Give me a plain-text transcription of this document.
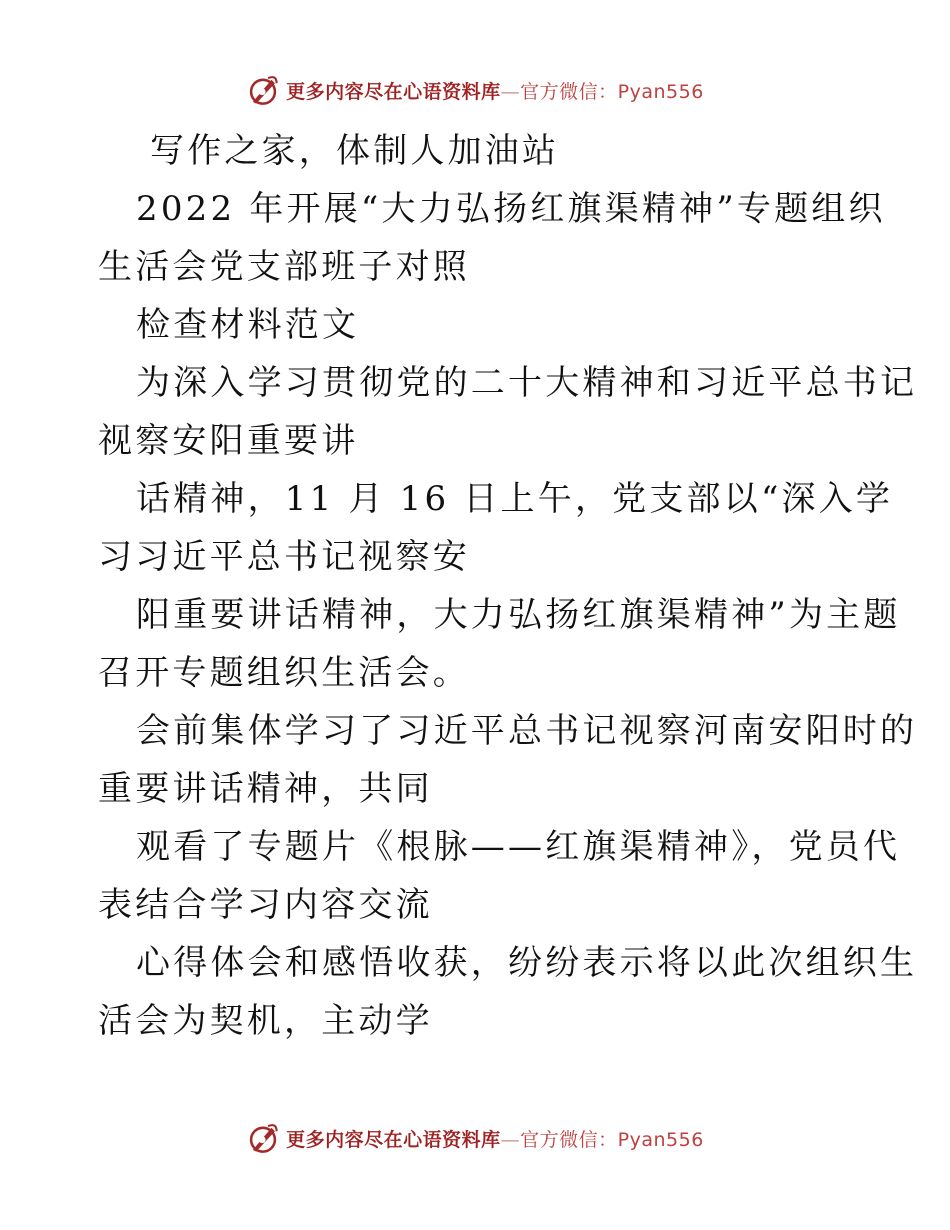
更多内容尽在心语资料库—官方微信：Pyan556
写作之家，体制人加油站
2022 年开展“大力弘扬红旗渠精神”专题组织
生活会党支部班子对照
检查材料范文
为深入学习贯彻党的二十大精神和习近平总书记
视察安阳重要讲
话精神，11 月 16 日上午，党支部以“深入学
习习近平总书记视察安
阳重要讲话精神，大力弘扬红旗渠精神”为主题
召开专题组织生活会。
会前集体学习了习近平总书记视察河南安阳时的
重要讲话精神，共同
观看了专题片《根脉——红旗渠精神》，党员代
表结合学习内容交流
心得体会和感悟收获，纷纷表示将以此次组织生
活会为契机，主动学
更多内容尽在心语资料库—官方微信：Pyan556
